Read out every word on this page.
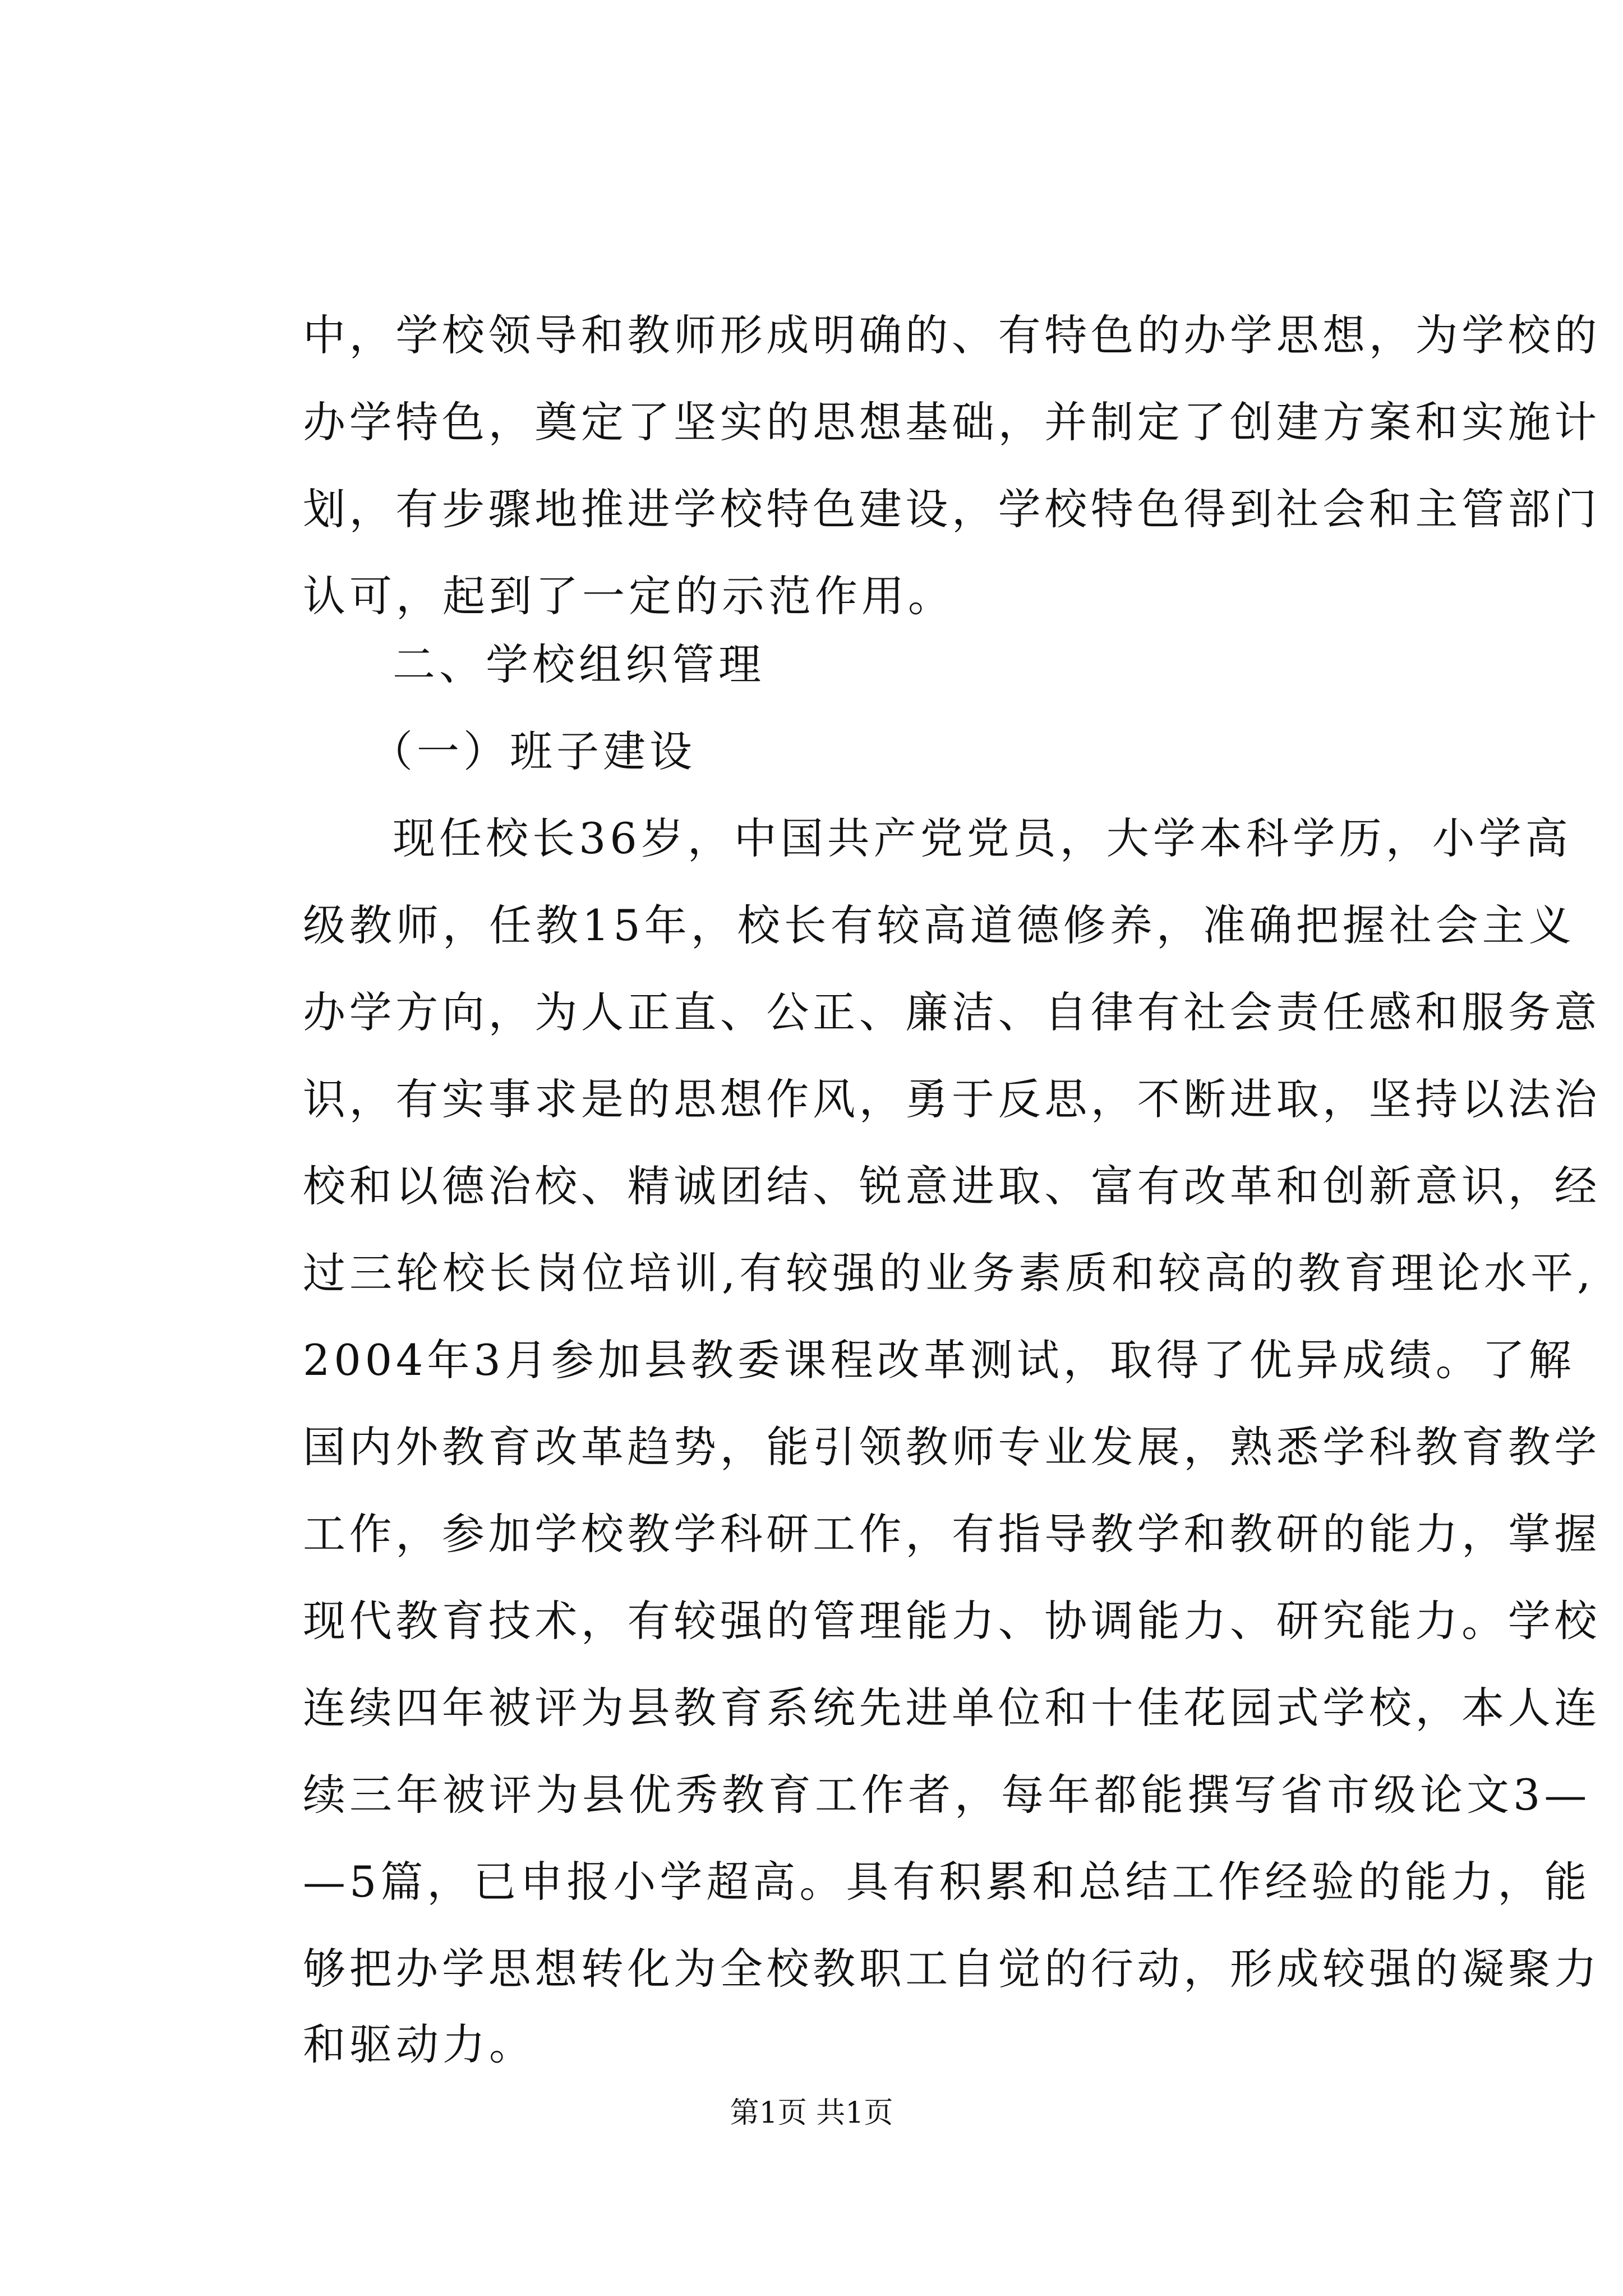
中，学校领导和教师形成明确的、有特色的办学思想，为学校的
办学特色，奠定了坚实的思想基础，并制定了创建方案和实施计
划，有步骤地推进学校特色建设，学校特色得到社会和主管部门
认可，起到了一定的示范作用。
二、学校组织管理
（一）班子建设
现任校长36岁，中国共产党党员，大学本科学历，小学高
级教师，任教15年，校长有较高道德修养，准确把握社会主义
办学方向，为人正直、公正、廉洁、自律有社会责任感和服务意
识，有实事求是的思想作风，勇于反思，不断进取，坚持以法治
校和以德治校、精诚团结、锐意进取、富有改革和创新意识，经
过三轮校长岗位培训,有较强的业务素质和较高的教育理论水平,
2004年3月参加县教委课程改革测试，取得了优异成绩。了解
国内外教育改革趋势，能引领教师专业发展，熟悉学科教育教学
工作，参加学校教学科研工作，有指导教学和教研的能力，掌握
现代教育技术，有较强的管理能力、协调能力、研究能力。学校
连续四年被评为县教育系统先进单位和十佳花园式学校，本人连
续三年被评为县优秀教育工作者，每年都能撰写省市级论文3—
—5篇，已申报小学超高。具有积累和总结工作经验的能力，能
够把办学思想转化为全校教职工自觉的行动，形成较强的凝聚力
和驱动力。
第1页 共1页
